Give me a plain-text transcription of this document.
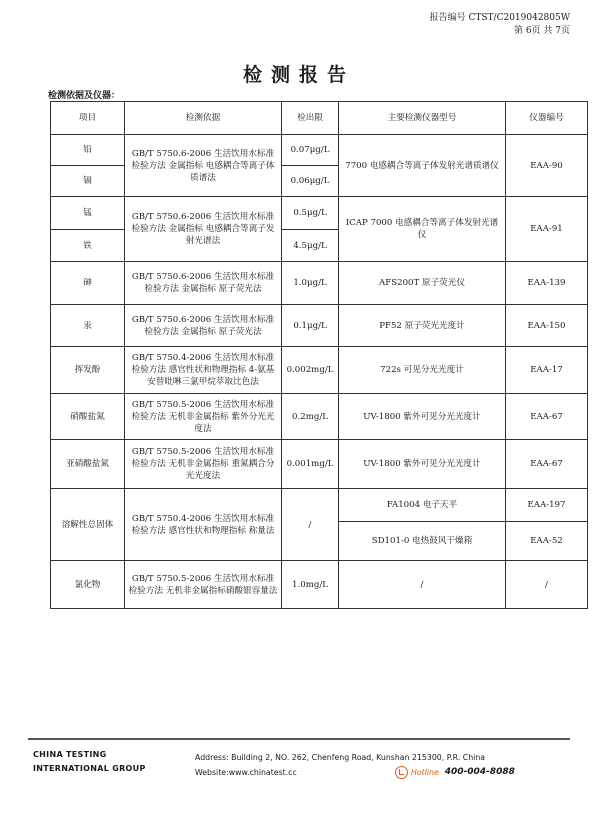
报告编号 CTST/C2019042805W
第 6页 共 7页
检测报告
检测依据及仪器：
项目	检测依据	检出限	主要检测仪器型号	仪器编号
铅	GB/T 5750.6-2006 生活饮用水标准检验方法 金属指标 电感耦合等离子体质谱法	0.07μg/L	7700 电感耦合等离子体发射光谱质谱仪	EAA-90
镉		0.06μg/L		
锰	GB/T 5750.6-2006 生活饮用水标准检验方法 金属指标 电感耦合等离子发射光谱法	0.5μg/L	ICAP 7000 电感耦合等离子体发射光谱仪	EAA-91
铁		4.5μg/L		
砷	GB/T 5750.6-2006 生活饮用水标准检验方法 金属指标 原子荧光法	1.0μg/L	AFS200T 原子荧光仪	EAA-139
汞	GB/T 5750.6-2006 生活饮用水标准检验方法 金属指标 原子荧光法	0.1μg/L	PF52 原子荧光光度计	EAA-150
挥发酚	GB/T 5750.4-2006 生活饮用水标准检验方法 感官性状和物理指标 4-氨基安替吡啉三氯甲烷萃取比色法	0.002mg/L	722s 可见分光光度计	EAA-17
硝酸盐氮	GB/T 5750.5-2006 生活饮用水标准检验方法 无机非金属指标 紫外分光光度法	0.2mg/L	UV-1800 紫外可见分光光度计	EAA-67
亚硝酸盐氮	GB/T 5750.5-2006 生活饮用水标准检验方法 无机非金属指标 重氮耦合分光光度法	0.001mg/L	UV-1800 紫外可见分光光度计	EAA-67
溶解性总固体	GB/T 5750.4-2006 生活饮用水标准检验方法 感官性状和物理指标 称量法	/	FA1004 电子天平	EAA-197
			SD101-0 电热鼓风干燥箱	EAA-52
氯化物	GB/T 5750.5-2006 生活饮用水标准检验方法 无机非金属指标硝酸银容量法	1.0mg/L	/	/
CHINA TESTING
INTERNATIONAL GROUP
Address: Building 2, NO. 262, Chenfeng Road, Kunshan 215300, P.R. China
Website:www.chinatest.cc	Hotline 400-004-8088
